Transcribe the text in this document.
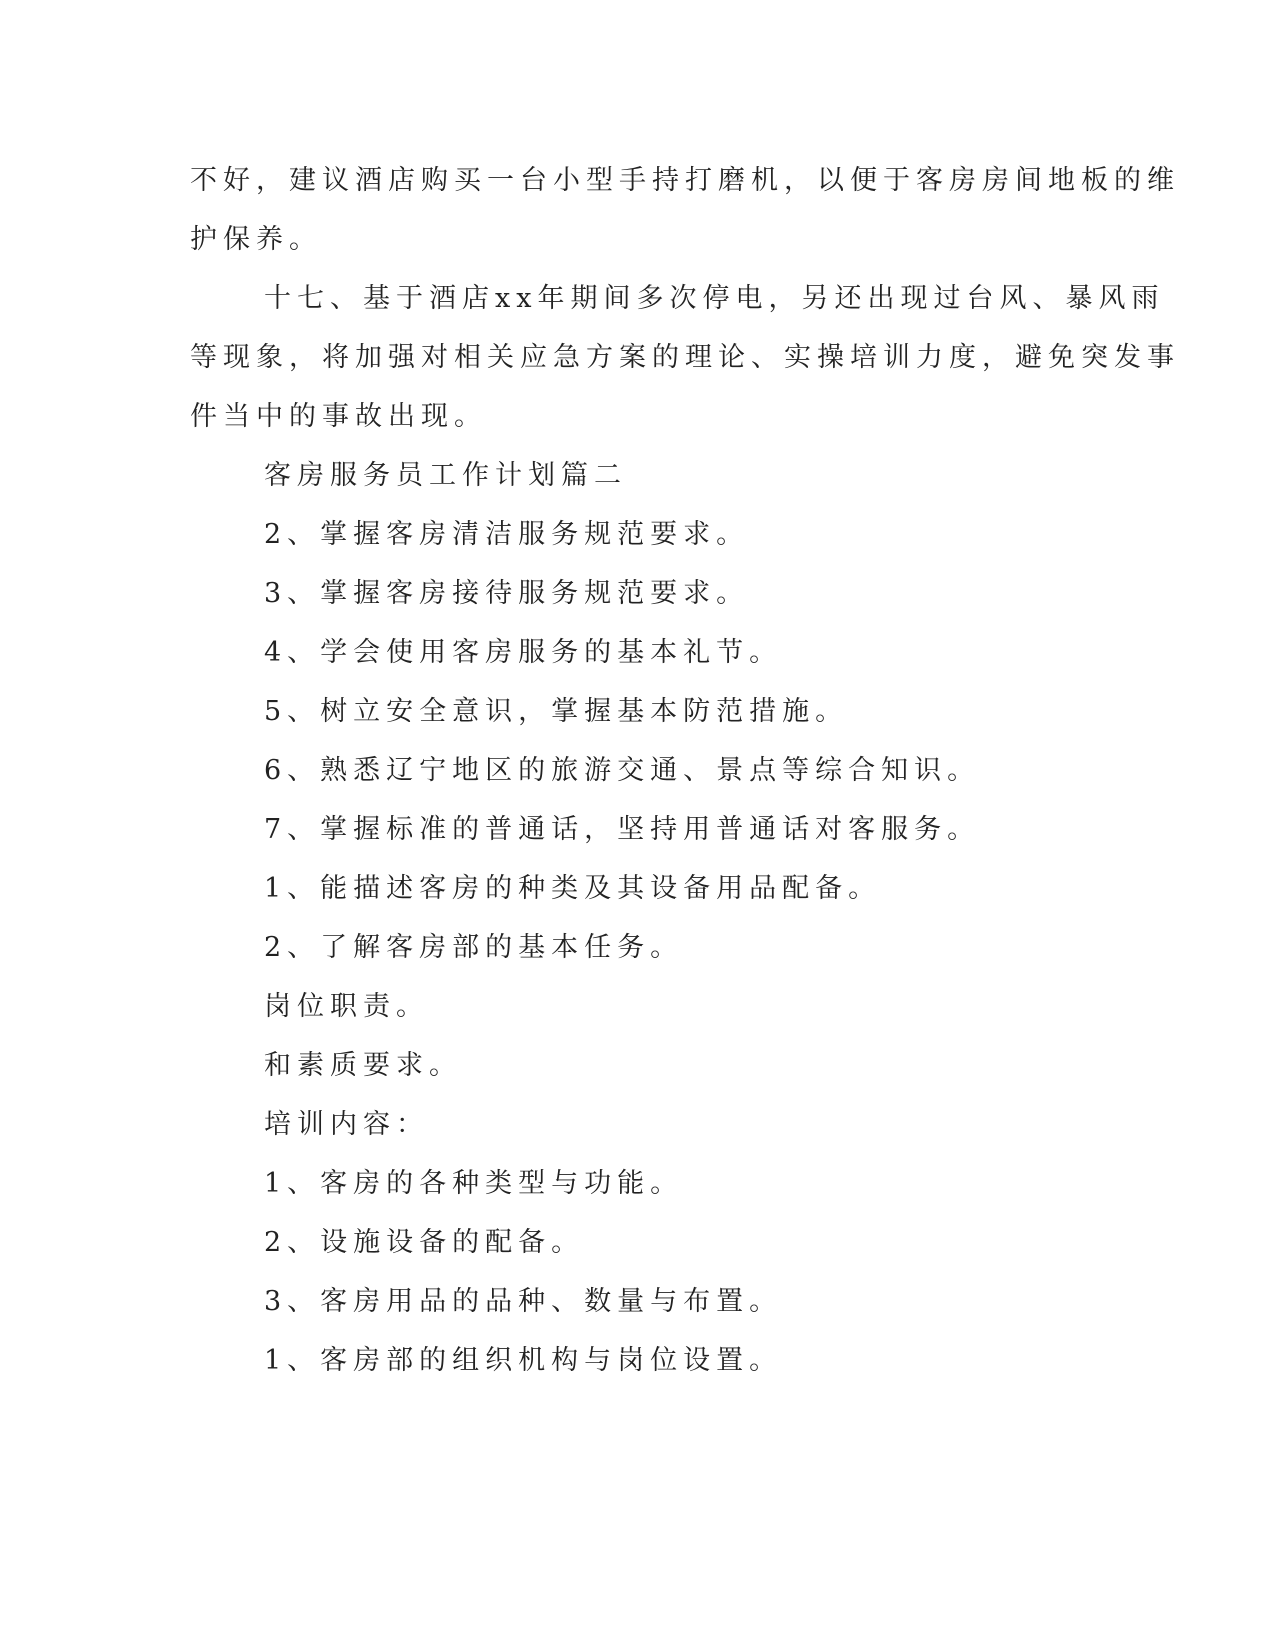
不好，建议酒店购买一台小型手持打磨机，以便于客房房间地板的维
护保养。
十七、基于酒店xx年期间多次停电，另还出现过台风、暴风雨
等现象，将加强对相关应急方案的理论、实操培训力度，避免突发事
件当中的事故出现。
客房服务员工作计划篇二
2、掌握客房清洁服务规范要求。
3、掌握客房接待服务规范要求。
4、学会使用客房服务的基本礼节。
5、树立安全意识，掌握基本防范措施。
6、熟悉辽宁地区的旅游交通、景点等综合知识。
7、掌握标准的普通话，坚持用普通话对客服务。
1、能描述客房的种类及其设备用品配备。
2、了解客房部的基本任务。
岗位职责。
和素质要求。
培训内容：
1、客房的各种类型与功能。
2、设施设备的配备。
3、客房用品的品种、数量与布置。
1、客房部的组织机构与岗位设置。
